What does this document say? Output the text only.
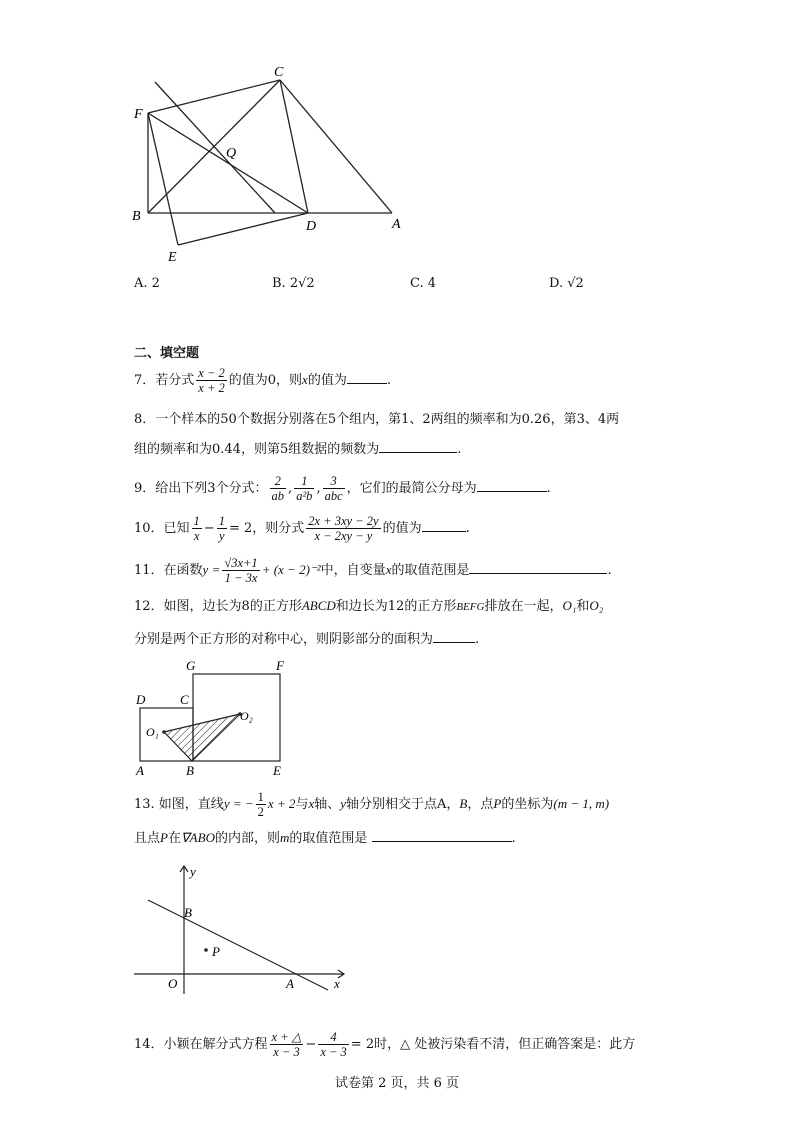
F
C
Q
B
D	A
E
A. 2	B. 2√2	C. 4	D. √2
二、填空题
7．若分式 $\frac{x - 2}{x + 2}$ 的值为0，则x的值为	.
8．一个样本的50个数据分别落在5个组内，第1、2两组的频率和为0.26，第3、4两
组的频率和为0.44，则第5组数据的频数为	.
9．给出下列3个分式： $\frac{2}{ab}$ , $\frac{1}{\text{a²b}}$ , $\frac{3}{\text{abc}}$ ，它们的最简公分母为	.
10．已知 $\frac{1}{x} - \frac{1}{y} = 2$，则分式 $\frac{2x + 3xy - 2y}{x - 2xy - y}$ 的值为	.
11．在函数$y = \frac{√3x+1}{1 - 3x} + (x - 2)^{-2}$中，自变量x的取值范围是	.
12．如图，边长为8的正方形ABCD和边长为12的正方形BEFG排放在一起，O₁和O₂
分别是两个正方形的对称中心，则阴影部分的面积为	.
G	F
D	C
O₂
O₁
A	B	E
13. 如图，直线y = − $\frac{1}{2}$ x + 2与x轴、y轴分别相交于点A，B，点P的坐标为(m − 1, m)
且点P在∇ABO的内部，则m的取值范围是	.
y
B
P
O	A	x
14．小颖在解分式方程 $\frac{x + \triangle}{x - 3} - \frac{4}{x - 3} = 2$时，△ 处被污染看不清，但正确答案是：此方
试卷第 2 页，共 6 页
